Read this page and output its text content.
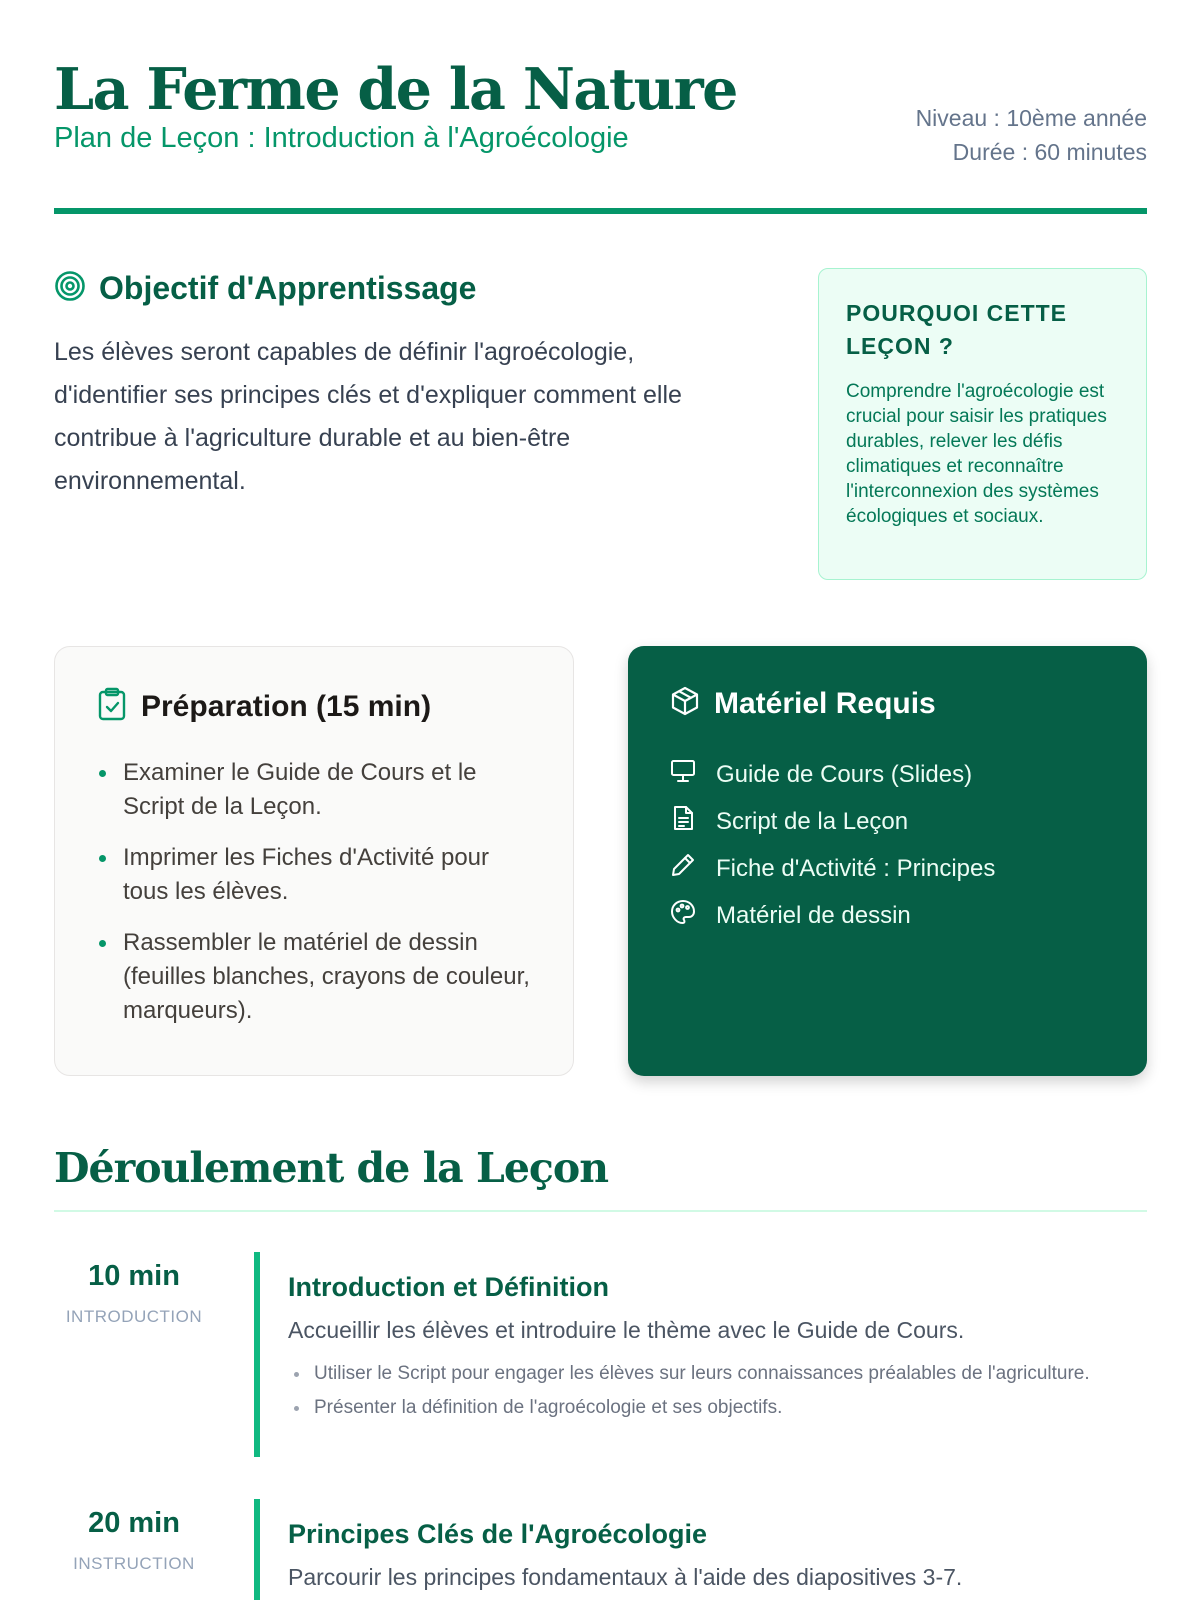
La Ferme de la Nature
Plan de Leçon : Introduction à l'Agroécologie
Niveau : 10ème année
Durée : 60 minutes
Objectif d'Apprentissage

Les élèves seront capables de définir l'agroécologie, d'identifier ses principes clés et d'expliquer comment elle contribue à l'agriculture durable et au bien-être environnemental.

POURQUOI CETTE LEÇON ?
Comprendre l'agroécologie est crucial pour saisir les pratiques durables, relever les défis climatiques et reconnaître l'interconnexion des systèmes écologiques et sociaux.
Préparation (15 min)
Examiner le Guide de Cours et le Script de la Leçon.
Imprimer les Fiches d'Activité pour tous les élèves.
Rassembler le matériel de dessin (feuilles blanches, crayons de couleur, marqueurs).
Matériel Requis
Guide de Cours (Slides)
Script de la Leçon
Fiche d'Activité : Principes
Matériel de dessin
Déroulement de la Leçon
10 min
INTRODUCTION
Introduction et Définition
Accueillir les élèves et introduire le thème avec le Guide de Cours.
Utiliser le Script pour engager les élèves sur leurs connaissances préalables de l'agriculture.
Présenter la définition de l'agroécologie et ses objectifs.
20 min
INSTRUCTION
Principes Clés de l'Agroécologie
Parcourir les principes fondamentaux à l'aide des diapositives 3-7.
